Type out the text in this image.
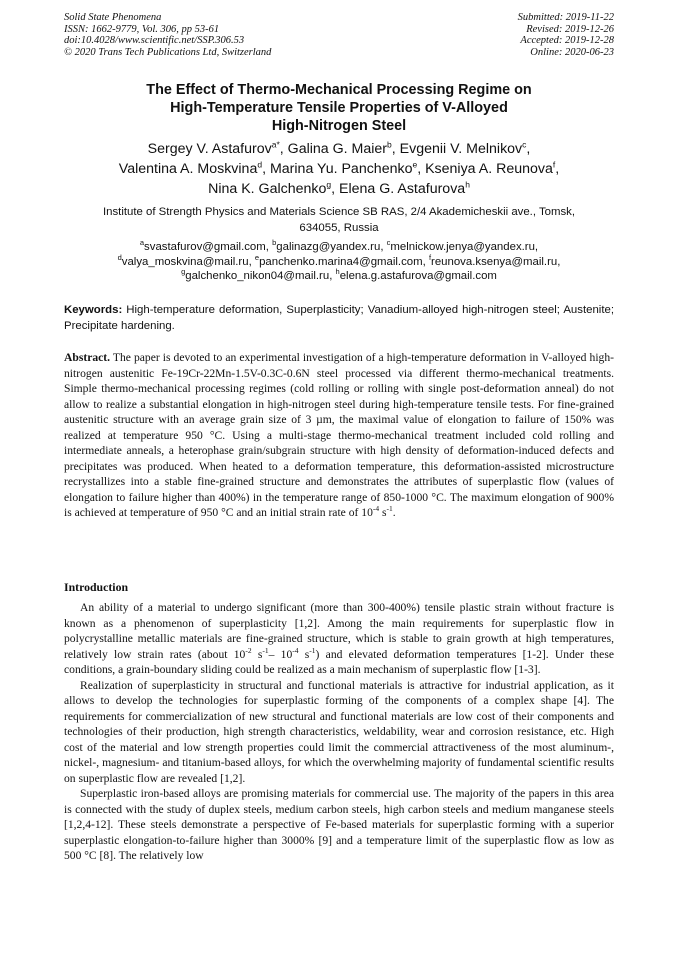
Solid State Phenomena
ISSN: 1662-9779, Vol. 306, pp 53-61
doi:10.4028/www.scientific.net/SSP.306.53
© 2020 Trans Tech Publications Ltd, Switzerland
Submitted: 2019-11-22
Revised: 2019-12-26
Accepted: 2019-12-28
Online: 2020-06-23
The Effect of Thermo-Mechanical Processing Regime on
High-Temperature Tensile Properties of V-Alloyed
High-Nitrogen Steel
Sergey V. Astafurov$^{a*}$, Galina G. Maier$^b$, Evgenii V. Melnikov$^c$,
Valentina A. Moskvina$^d$, Marina Yu. Panchenko$^e$, Kseniya A. Reunova$^f$,
Nina K. Galchenko$^g$, Elena G. Astafurova$^h$
Institute of Strength Physics and Materials Science SB RAS, 2/4 Akademicheskii ave., Tomsk,
634055, Russia
$^a$svastafurov@gmail.com, $^b$galinazg@yandex.ru, $^c$melnickow.jenya@yandex.ru,
$^d$valya_moskvina@mail.ru, $^e$panchenko.marina4@gmail.com, $^f$reunova.ksenya@mail.ru,
$^g$galchenko_nikon04@mail.ru, $^h$elena.g.astafurova@gmail.com
Keywords: High-temperature deformation, Superplasticity; Vanadium-alloyed high-nitrogen steel; Austenite; Precipitate hardening.
Abstract. The paper is devoted to an experimental investigation of a high-temperature deformation in V-alloyed high-nitrogen austenitic Fe-19Cr-22Mn-1.5V-0.3C-0.6N steel processed via different thermo-mechanical treatments. Simple thermo-mechanical processing regimes (cold rolling or rolling with single post-deformation anneal) do not allow to realize a substantial elongation in high-nitrogen steel during high-temperature tensile tests. For fine-grained austenitic structure with an average grain size of 3 µm, the maximal value of elongation to failure of 150% was realized at temperature 950 °C. Using a multi-stage thermo-mechanical treatment included cold rolling and intermediate anneals, a heterophase grain/subgrain structure with high density of deformation-induced defects and precipitates was produced. When heated to a deformation temperature, this deformation-assisted microstructure recrystallizes into a stable fine-grained structure and demonstrates the attributes of superplastic flow (values of elongation to failure higher than 400%) in the temperature range of 850-1000 °C. The maximum elongation of 900% is achieved at temperature of 950 °C and an initial strain rate of $10^{-4}$ $s^{-1}$.
Introduction

An ability of a material to undergo significant (more than 300-400%) tensile plastic strain without fracture is known as a phenomenon of superplasticity [1,2]. Among the main requirements for superplastic flow in polycrystalline metallic materials are fine-grained structure, which is stable to grain growth at high temperatures, relatively low strain rates (about $10^{-2}$ $s^{-1}-$ $10^{-4}$ $s^{-1}$) and elevated deformation temperatures [1-2]. Under these conditions, a grain-boundary sliding could be realized as a main mechanism of superplastic flow [1-3].

Realization of superplasticity in structural and functional materials is attractive for industrial application, as it allows to develop the technologies for superplastic forming of the components of a complex shape [4]. The requirements for commercialization of new structural and functional materials are low cost of their components and technologies of their production, high strength characteristics, weldability, wear and corrosion resistance, etc. High cost of the material and low strength properties could limit the commercial attractiveness of the most aluminum-, nickel-, magnesium- and titanium-based alloys, for which the overwhelming majority of fundamental scientific results on superplastic flow are revealed [1,2].

Superplastic iron-based alloys are promising materials for commercial use. The majority of the papers in this area is connected with the study of duplex steels, medium carbon steels, high carbon steels and medium manganese steels [1,2,4-12]. These steels demonstrate a perspective of Fe-based materials for superplastic forming with a superior superplastic elongation-to-failure higher than 3000% [9] and a temperature limit of the superplastic flow as low as 500 °C [8]. The relatively low
